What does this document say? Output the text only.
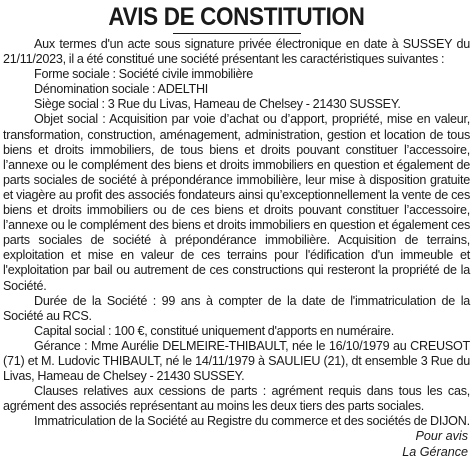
AVIS DE CONSTITUTION

Aux termes d'un acte sous signature privée électronique en date à SUSSEY du 21/11/2023, il a été constitué une société présentant les caractéristiques suivantes :

Forme sociale : Société civile immobilière

Dénomination sociale : ADELTHI

Siège social : 3 Rue du Livas, Hameau de Chelsey - 21430 SUSSEY.

Objet social : Acquisition par voie d’achat ou d’apport, propriété, mise en valeur, transformation, construction, aménagement, administration, gestion et location de tous biens et droits immobiliers, de tous biens et droits pouvant constituer l’accessoire, l’annexe ou le complément des biens et droits immobiliers en question et également de parts sociales de société à prépondérance immobilière, leur mise à disposition gratuite et viagère au profit des associés fondateurs ainsi qu’exceptionnellement la vente de ces biens et droits immobiliers ou de ces biens et droits pouvant constituer l’accessoire, l’annexe ou le complément des biens et droits immobiliers en question et également ces parts sociales de société à prépondérance immobilière. Acquisition de terrains, exploitation et mise en valeur de ces terrains pour l'édification d'un immeuble et l'exploitation par bail ou autrement de ces constructions qui resteront la propriété de la Société.

Durée de la Société : 99 ans à compter de la date de l'immatriculation de la Société au RCS.

Capital social : 100 €, constitué uniquement d'apports en numéraire.

Gérance : Mme Aurélie DELMEIRE-THIBAULT, née le 16/10/1979 au CREUSOT (71) et M. Ludovic THIBAULT, né le 14/11/1979 à SAULIEU (21), dt ensemble 3 Rue du Livas, Hameau de Chelsey - 21430 SUSSEY.

Clauses relatives aux cessions de parts : agrément requis dans tous les cas, agrément des associés représentant au moins les deux tiers des parts sociales.

Immatriculation de la Société au Registre du commerce et des sociétés de DIJON.

Pour avis

La Gérance
